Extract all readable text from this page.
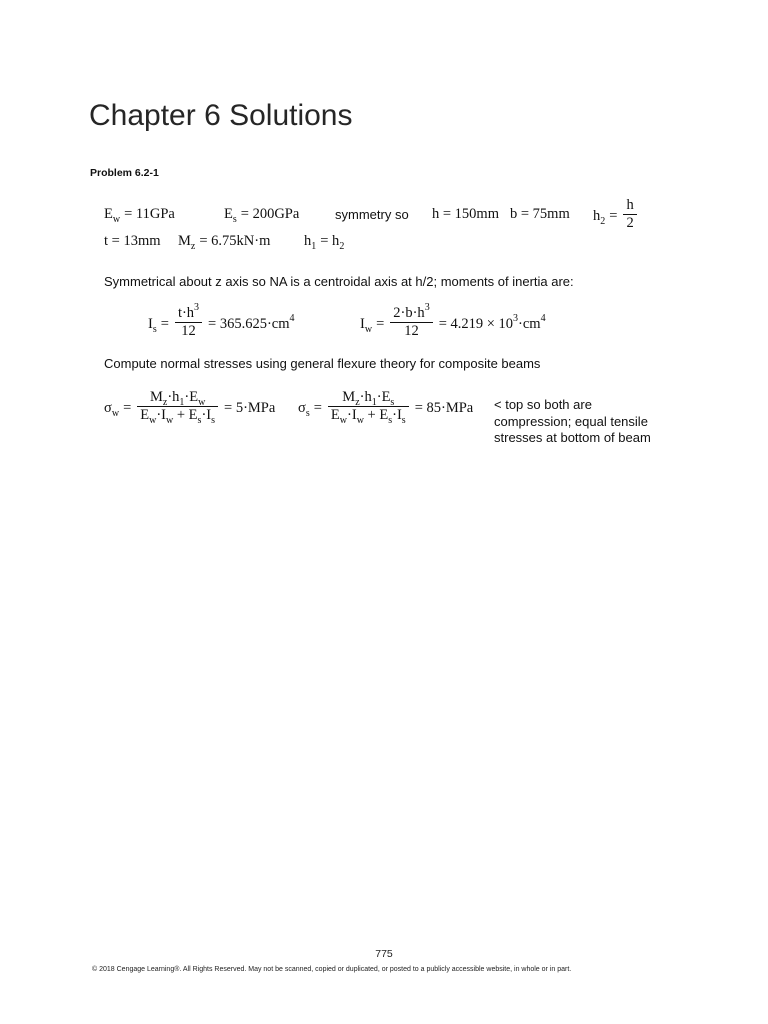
Chapter 6 Solutions
Problem 6.2-1
$E_w = 11GPa$	$E_s = 200GPa$	symmetry so h = 150mm b = 75mm $h_2 = \frac{h}{2}$
t = 13mm $M_z = 6.75kN\cdot m$ $h_1 = h_2$
Symmetrical about z axis so NA is a centroidal axis at h/2; moments of inertia are:
$I_s = \frac{t\cdot h^3}{12} = 365.625\cdot cm^4$	$I_w = \frac{2\cdot b\cdot h^3}{12} = 4.219 \times 10^3\cdot cm^4$
Compute normal stresses using general flexure theory for composite beams
$\sigma_w = \frac{M_z\cdot h_1\cdot E_w}{E_w\cdot I_w + E_s\cdot I_s} = 5\cdot MPa$ $\sigma_s = \frac{M_z\cdot h_1\cdot E_s}{E_w\cdot I_w + E_s\cdot I_s} = 85\cdot MPa$ < top so both are
compression; equal tensile
stresses at bottom of beam
775
© 2018 Cengage Learning®. All Rights Reserved. May not be scanned, copied or duplicated, or posted to a publicly accessible website, in whole or in part.
